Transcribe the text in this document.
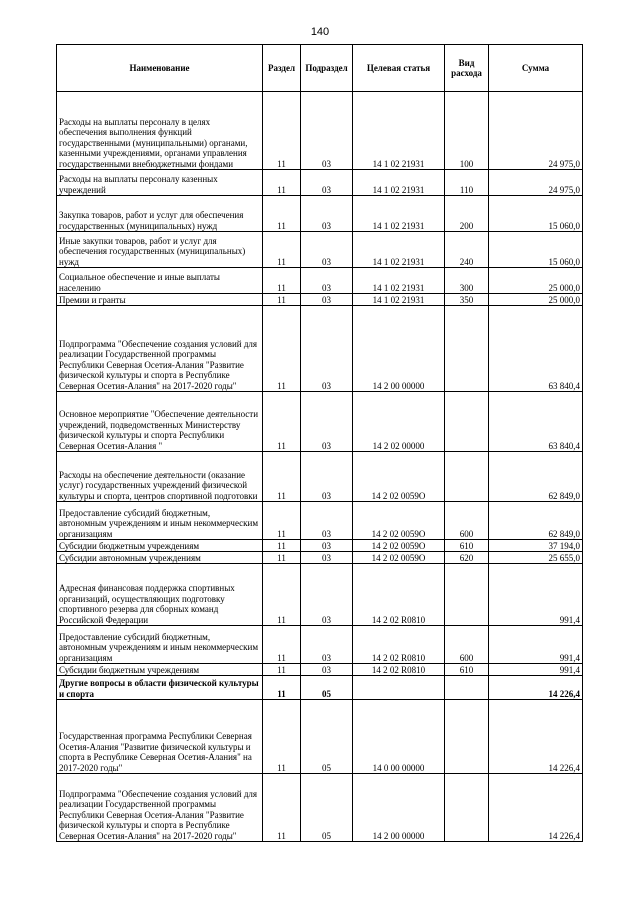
140
Наименование	Раздел	Подраздел	Целевая статья	Вид расхода	Сумма
Расходы на выплаты персоналу в целях обеспечения выполнения функций государственными (муниципальными) органами, казенными учреждениями, органами управления государственными внебюджетными фондами	11	03	14 1 02 21931	100	24 975,0
Расходы на выплаты персоналу казенных учреждений	11	03	14 1 02 21931	110	24 975,0
Закупка товаров, работ и услуг для обеспечения государственных (муниципальных) нужд	11	03	14 1 02 21931	200	15 060,0
Иные закупки товаров, работ и услуг для обеспечения государственных (муниципальных) нужд	11	03	14 1 02 21931	240	15 060,0
Социальное обеспечение и иные выплаты населению	11	03	14 1 02 21931	300	25 000,0
Премии и гранты	11	03	14 1 02 21931	350	25 000,0
Подпрограмма "Обеспечение создания условий для реализации Государственной программы Республики Северная Осетия-Алания "Развитие физической культуры и спорта в Республике Северная Осетия-Алания" на 2017-2020 годы"	11	03	14 2 00 00000		63 840,4
Основное мероприятие "Обеспечение деятельности учреждений, подведомственных Министерству физической культуры и спорта Республики Северная Осетия-Алания "	11	03	14 2 02 00000		63 840,4
Расходы на обеспечение деятельности (оказание услуг) государственных учреждений физической культуры и спорта, центров спортивной подготовки	11	03	14 2 02 0059O		62 849,0
Предоставление субсидий бюджетным, автономным учреждениям и иным некоммерческим организациям	11	03	14 2 02 0059O	600	62 849,0
Субсидии бюджетным учреждениям	11	03	14 2 02 0059O	610	37 194,0
Субсидии автономным учреждениям	11	03	14 2 02 0059O	620	25 655,0
Адресная финансовая поддержка спортивных организаций, осуществляющих подготовку спортивного резерва для сборных команд Российской Федерации	11	03	14 2 02 R0810		991,4
Предоставление субсидий бюджетным, автономным учреждениям и иным некоммерческим организациям	11	03	14 2 02 R0810	600	991,4
Субсидии бюджетным учреждениям	11	03	14 2 02 R0810	610	991,4
Другие вопросы в области физической культуры и спорта	11	05			14 226,4
Государственная программа Республики Северная Осетия-Алания "Развитие физической культуры и спорта в Республике Северная Осетия-Алания" на 2017-2020 годы"	11	05	14 0 00 00000		14 226,4
Подпрограмма "Обеспечение создания условий для реализации Государственной программы Республики Северная Осетия-Алания "Развитие физической культуры и спорта в Республике Северная Осетия-Алания" на 2017-2020 годы"	11	05	14 2 00 00000		14 226,4
